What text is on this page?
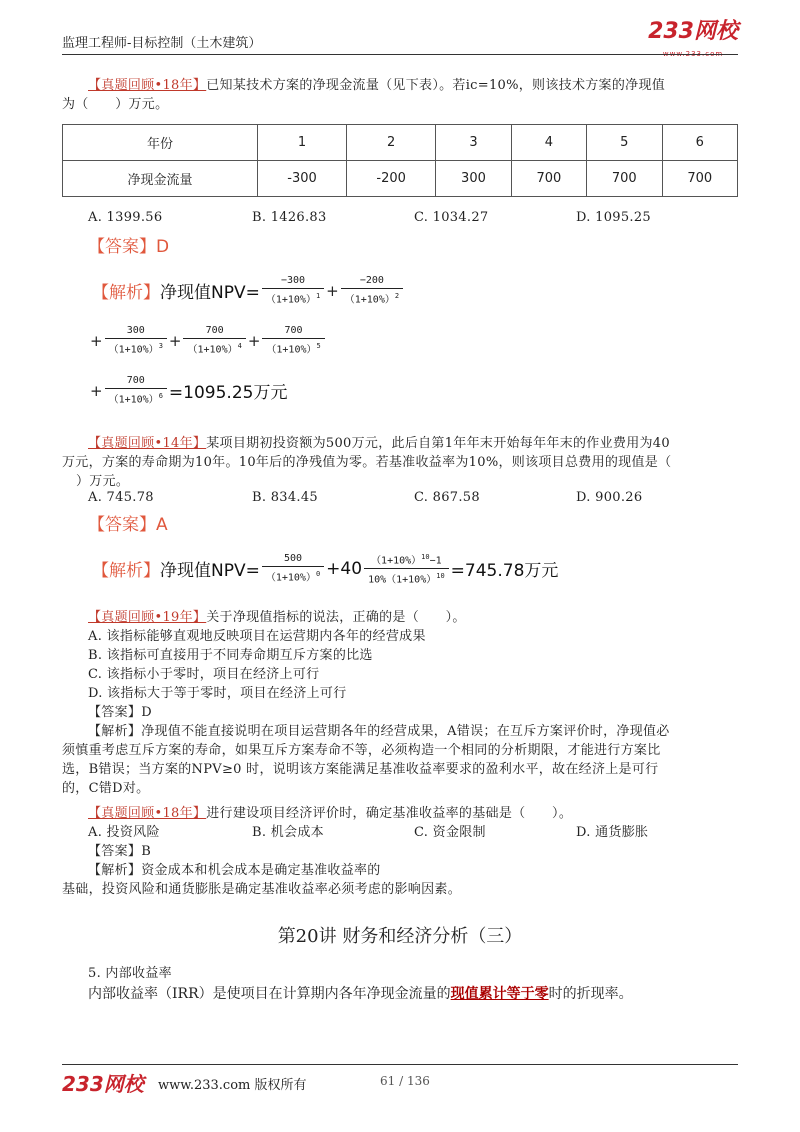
监理工程师-目标控制（土木建筑）	233网校
www.233.com
【真题回顾•18年】已知某技术方案的净现金流量（见下表）。若ic=10%，则该技术方案的净现值
为（　　）万元。
年份	1	2	3	4	5	6
净现金流量	-300	-200	300	700	700	700
A. 1399.56	B. 1426.83	C. 1034.27	D. 1095.25
【答案】D
【解析】 净现值$NPV= \frac{-300}{(1+10\%)^1} + \frac{-200}{(1+10\%)^2}$
+ $\frac{300}{(1+10\%)^3} + \frac{700}{(1+10\%)^4} + \frac{700}{(1+10\%)^5}$
+ $\frac{700}{(1+10\%)^6} =1095.25$万元
【真题回顾•14年】某项目期初投资额为500万元，此后自第1年年末开始每年年末的作业费用为40
万元，方案的寿命期为10年。10年后的净残值为零。若基准收益率为10%，则该项目总费用的现值是（
）万元。
A. 745.78	B. 834.45	C. 867.58	D. 900.26
【答案】A
【解析】 净现值$NPV= \frac{500}{(1+10\%)^0} +40 \frac{(1+10\%)^{10}-1}{10\%(1+10\%)^{10}} =745.78$万元
【真题回顾•19年】关于净现值指标的说法，正确的是（　　）。
A. 该指标能够直观地反映项目在运营期内各年的经营成果
B. 该指标可直接用于不同寿命期互斥方案的比选
C. 该指标小于零时，项目在经济上可行
D. 该指标大于等于零时，项目在经济上可行
【答案】D
【解析】净现值不能直接说明在项目运营期各年的经营成果，A错误；在互斥方案评价时，净现值必
须慎重考虑互斥方案的寿命，如果互斥方案寿命不等，必须构造一个相同的分析期限，才能进行方案比
选，B错误；当方案的NPV≥0 时，说明该方案能满足基准收益率要求的盈利水平，故在经济上是可行
的，C错D对。
【真题回顾•18年】进行建设项目经济评价时，确定基准收益率的基础是（　　）。
A. 投资风险	B. 机会成本	C. 资金限制	D. 通货膨胀
【答案】B
【解析】资金成本和机会成本是确定基准收益率的
基础，投资风险和通货膨胀是确定基准收益率必须考虑的影响因素。
第20讲 财务和经济分析（三）
5. 内部收益率
内部收益率（IRR）是使项目在计算期内各年净现金流量的现值累计等于零时的折现率。
233网校 www.233.com 版权所有	61 / 136
